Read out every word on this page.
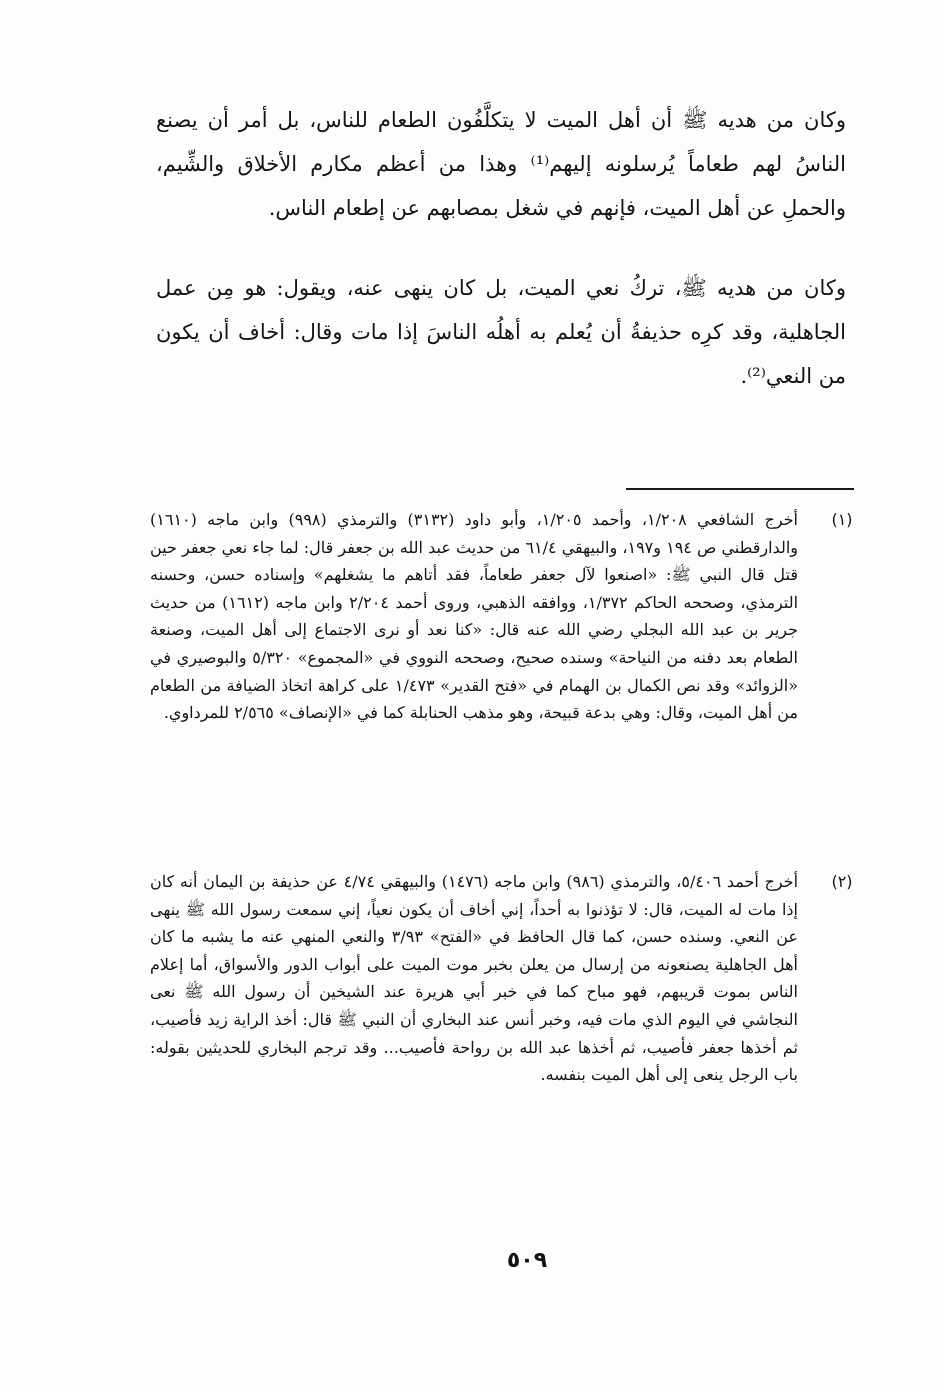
وكان من هديه ﷺ أن أهل الميت لا يتكلَّفُون الطعام للناس، بل أمر أن يصنع الناسُ لهم طعاماً يُرسلونه إليهم⁽¹⁾ وهذا من أعظم مكارم الأخلاق والشِّيم، والحملِ عن أهل الميت، فإنهم في شغل بمصابهم عن إطعام الناس.

وكان من هديه ﷺ، تركُ نعي الميت، بل كان ينهى عنه، ويقول: هو مِن عمل الجاهلية، وقد كرِه حذيفةُ أن يُعلم به أهلُه الناسَ إذا مات وقال: أخاف أن يكون من النعي⁽²⁾.

(١)
أخرج الشافعي ١/٢٠٨، وأحمد ١/٢٠٥، وأبو داود (٣١٣٢) والترمذي (٩٩٨) وابن ماجه (١٦١٠) والدارقطني ص ١٩٤ و١٩٧، والبيهقي ٦١/٤ من حديث عبد الله بن جعفر قال: لما جاء نعي جعفر حين قتل قال النبي ﷺ: «اصنعوا لآل جعفر طعاماً، فقد أتاهم ما يشغلهم» وإسناده حسن، وحسنه الترمذي، وصححه الحاكم ١/٣٧٢، ووافقه الذهبي، وروى أحمد ٢/٢٠٤ وابن ماجه (١٦١٢) من حديث جرير بن عبد الله البجلي رضي الله عنه قال: «كنا نعد أو نرى الاجتماع إلى أهل الميت، وصنعة الطعام بعد دفنه من النياحة» وسنده صحيح، وصححه النووي في «المجموع» ٥/٣٢٠ والبوصيري في «الزوائد» وقد نص الكمال بن الهمام في «فتح القدير» ١/٤٧٣ على كراهة اتخاذ الضيافة من الطعام من أهل الميت، وقال: وهي بدعة قبيحة، وهو مذهب الحنابلة كما في «الإنصاف» ٢/٥٦٥ للمرداوي.
(٢)
أخرج أحمد ٥/٤٠٦، والترمذي (٩٨٦) وابن ماجه (١٤٧٦) والبيهقي ٤/٧٤ عن حذيفة بن اليمان أنه كان إذا مات له الميت، قال: لا تؤذنوا به أحداً، إني أخاف أن يكون نعياً، إني سمعت رسول الله ﷺ ينهى عن النعي. وسنده حسن، كما قال الحافظ في «الفتح» ٣/٩٣ والنعي المنهي عنه ما يشبه ما كان أهل الجاهلية يصنعونه من إرسال من يعلن بخبر موت الميت على أبواب الدور والأسواق، أما إعلام الناس بموت قريبهم، فهو مباح كما في خبر أبي هريرة عند الشيخين أن رسول الله ﷺ نعى النجاشي في اليوم الذي مات فيه، وخبر أنس عند البخاري أن النبي ﷺ قال: أخذ الراية زيد فأصيب، ثم أخذها جعفر فأصيب، ثم أخذها عبد الله بن رواحة فأصيب... وقد ترجم البخاري للحديثين بقوله: باب الرجل ينعى إلى أهل الميت بنفسه.
٥٠٩
